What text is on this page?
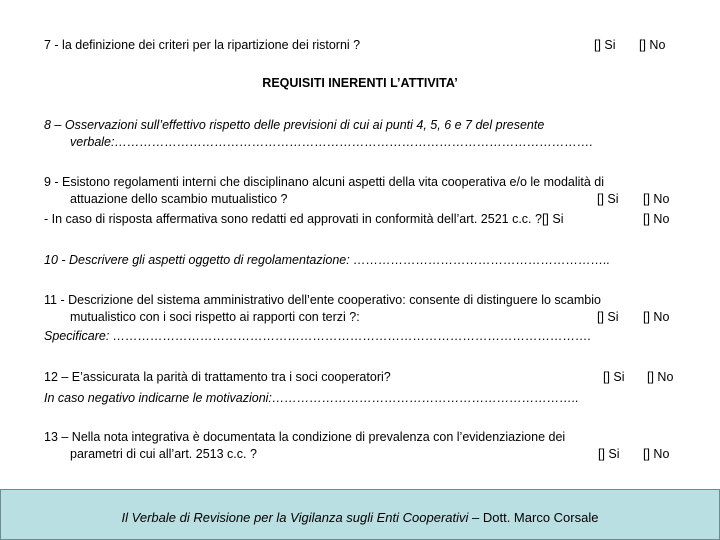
7 - la definizione dei criteri per la ripartizione dei ristorni ?	[] Si [] No
REQUISITI INERENTI L’ATTIVITA’
8 – Osservazioni sull’effettivo rispetto delle previsioni di cui ai punti 4, 5, 6 e 7 del presente
verbale:…………………………………………………………………………………………………….
9 - Esistono regolamenti interni che disciplinano alcuni aspetti della vita cooperativa e/o le modalità di
attuazione dello scambio mutualistico ?	[] Si [] No
- In caso di risposta affermativa sono redatti ed approvati in conformità dell’art. 2521 c.c. ?[] Si	[] No
10 - Descrivere gli aspetti oggetto di regolamentazione: ……………………………………………………..
11 - Descrizione del sistema amministrativo dell’ente cooperativo: consente di distinguere lo scambio
mutualistico con i soci rispetto ai rapporti con terzi ?:	[] Si [] No
Specificare: …………………………………………………………………………………………………….
12 – E’assicurata la parità di trattamento tra i soci cooperatori?	[] Si [] No
In caso negativo indicarne le motivazioni:………………………………………………………………..
13 – Nella nota integrativa è documentata la condizione di prevalenza con l’evidenziazione dei
parametri di cui all’art. 2513 c.c. ?	[] Si [] No
Il Verbale di Revisione per la Vigilanza sugli Enti Cooperativi – Dott. Marco Corsale
